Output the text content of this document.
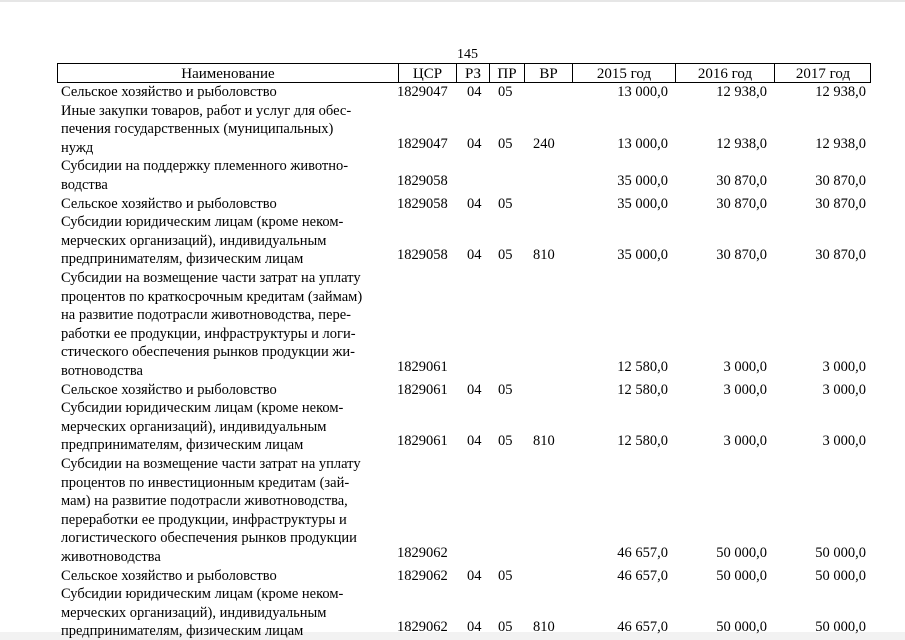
145
Наименование	ЦСР	РЗ	ПР	ВР	2015 год	2016 год	2017 год
Сельское хозяйство и рыболовство	1829047 04 05	13 000,0	12 938,0	12 938,0
Иные закупки товаров, работ и услуг для обес-
печения государственных (муниципальных)
нужд	1829047 04 05 240	13 000,0	12 938,0	12 938,0
Субсидии на поддержку племенного животно-
водства	1829058	35 000,0	30 870,0	30 870,0
Сельское хозяйство и рыболовство	1829058 04 05	35 000,0	30 870,0	30 870,0
Субсидии юридическим лицам (кроме неком-
мерческих организаций), индивидуальным
предпринимателям, физическим лицам	1829058 04 05 810	35 000,0	30 870,0	30 870,0
Субсидии на возмещение части затрат на уплату
процентов по краткосрочным кредитам (займам)
на развитие подотрасли животноводства, пере-
работки ее продукции, инфраструктуры и логи-
стического обеспечения рынков продукции жи-
вотноводства	1829061	12 580,0	3 000,0	3 000,0
Сельское хозяйство и рыболовство	1829061 04 05	12 580,0	3 000,0	3 000,0
Субсидии юридическим лицам (кроме неком-
мерческих организаций), индивидуальным
предпринимателям, физическим лицам	1829061 04 05 810	12 580,0	3 000,0	3 000,0
Субсидии на возмещение части затрат на уплату
процентов по инвестиционным кредитам (зай-
мам) на развитие подотрасли животноводства,
переработки ее продукции, инфраструктуры и
логистического обеспечения рынков продукции
животноводства	1829062	46 657,0	50 000,0	50 000,0
Сельское хозяйство и рыболовство	1829062 04 05	46 657,0	50 000,0	50 000,0
Субсидии юридическим лицам (кроме неком-
мерческих организаций), индивидуальным
предпринимателям, физическим лицам	1829062 04 05 810	46 657,0	50 000,0	50 000,0
